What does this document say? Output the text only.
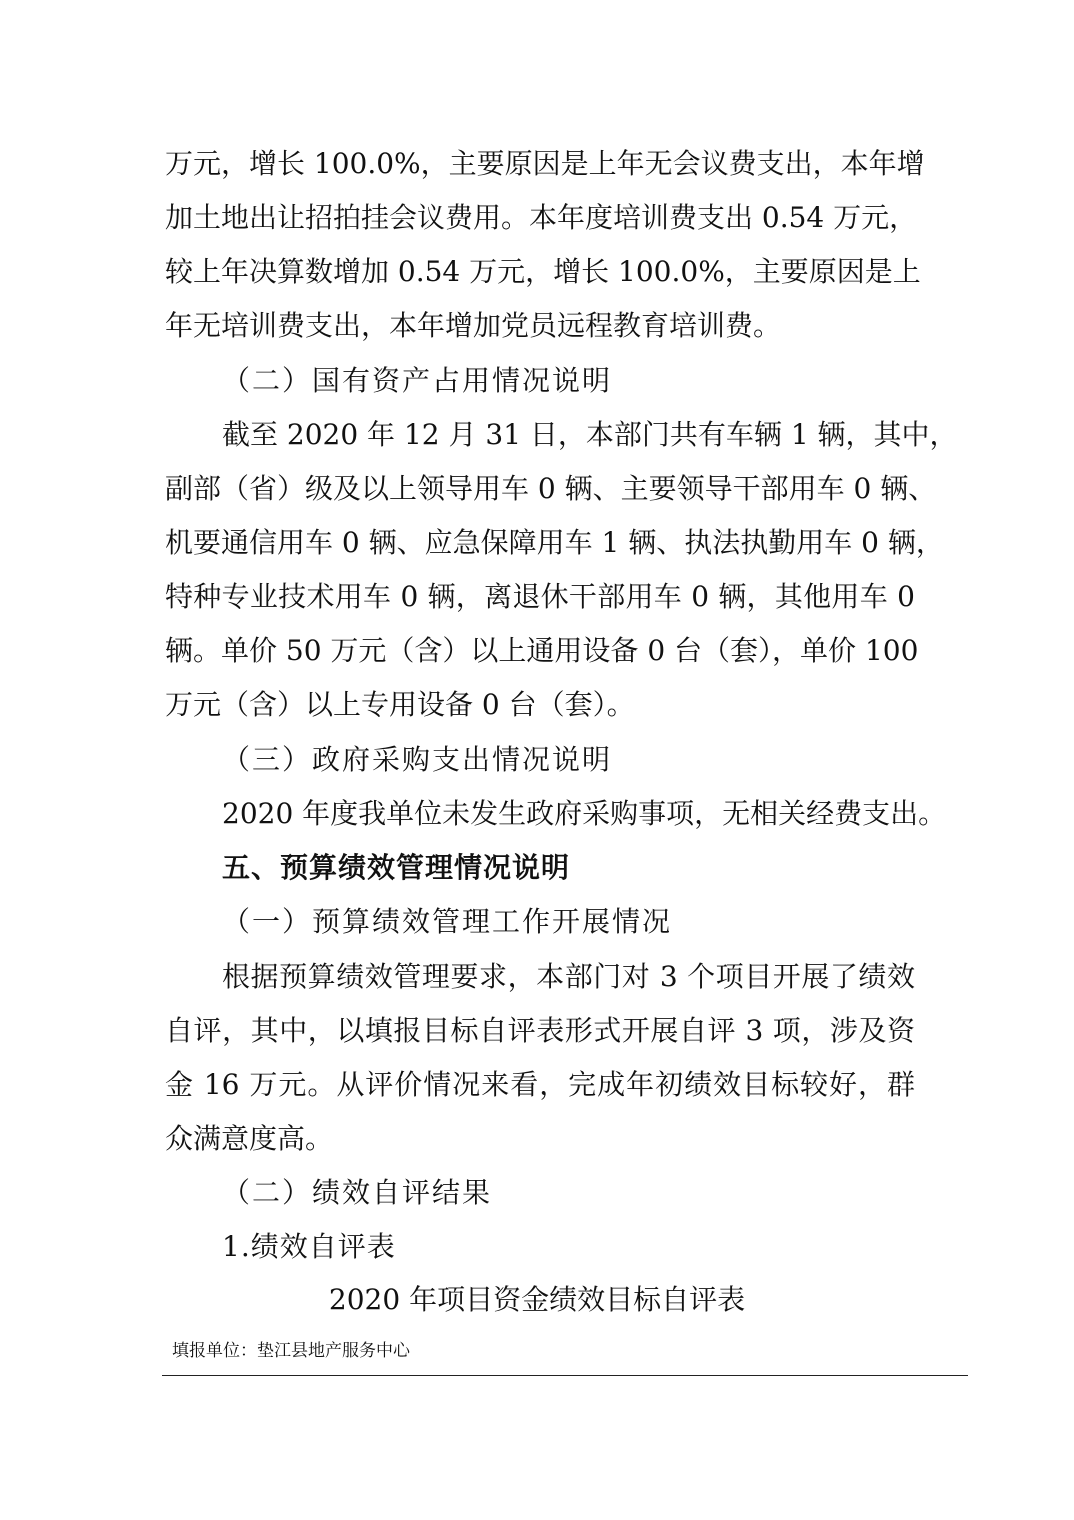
万元，增长 100.0%，主要原因是上年无会议费支出，本年增
加土地出让招拍挂会议费用。本年度培训费支出 0.54 万元，
较上年决算数增加 0.54 万元，增长 100.0%，主要原因是上
年无培训费支出，本年增加党员远程教育培训费。
（二）国有资产占用情况说明
截至 2020 年 12 月 31 日，本部门共有车辆 1 辆，其中，
副部（省）级及以上领导用车 0 辆、主要领导干部用车 0 辆、
机要通信用车 0 辆、应急保障用车 1 辆、执法执勤用车 0 辆，
特种专业技术用车 0 辆，离退休干部用车 0 辆，其他用车 0
辆。单价 50 万元（含）以上通用设备 0 台（套），单价 100
万元（含）以上专用设备 0 台（套）。
（三）政府采购支出情况说明
2020 年度我单位未发生政府采购事项，无相关经费支出。
五、预算绩效管理情况说明
（一）预算绩效管理工作开展情况
根据预算绩效管理要求，本部门对 3 个项目开展了绩效
自评，其中，以填报目标自评表形式开展自评 3 项，涉及资
金 16 万元。从评价情况来看，完成年初绩效目标较好，群
众满意度高。
（二）绩效自评结果
1.绩效自评表
2020 年项目资金绩效目标自评表
填报单位：垫江县地产服务中心
